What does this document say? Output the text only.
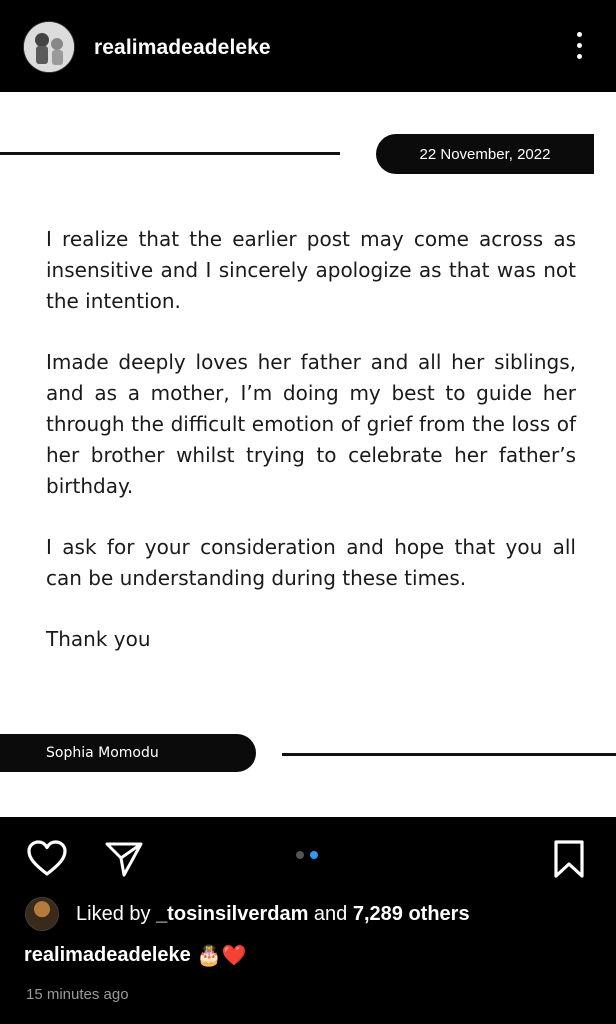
realimadeadeleke
22 November, 2022

I realize that the earlier post may come across as insensitive and I sincerely apologize as that was not the intention.

Imade deeply loves her father and all her siblings, and as a mother, I’m doing my best to guide her through the difficult emotion of grief from the loss of her brother whilst trying to celebrate her father’s birthday.

I ask for your consideration and hope that you all can be understanding during these times.

Thank you

Sophia Momodu
Liked by _tosinsilverdam and 7,289 others
realimadeadeleke 🎂❤️
15 minutes ago
